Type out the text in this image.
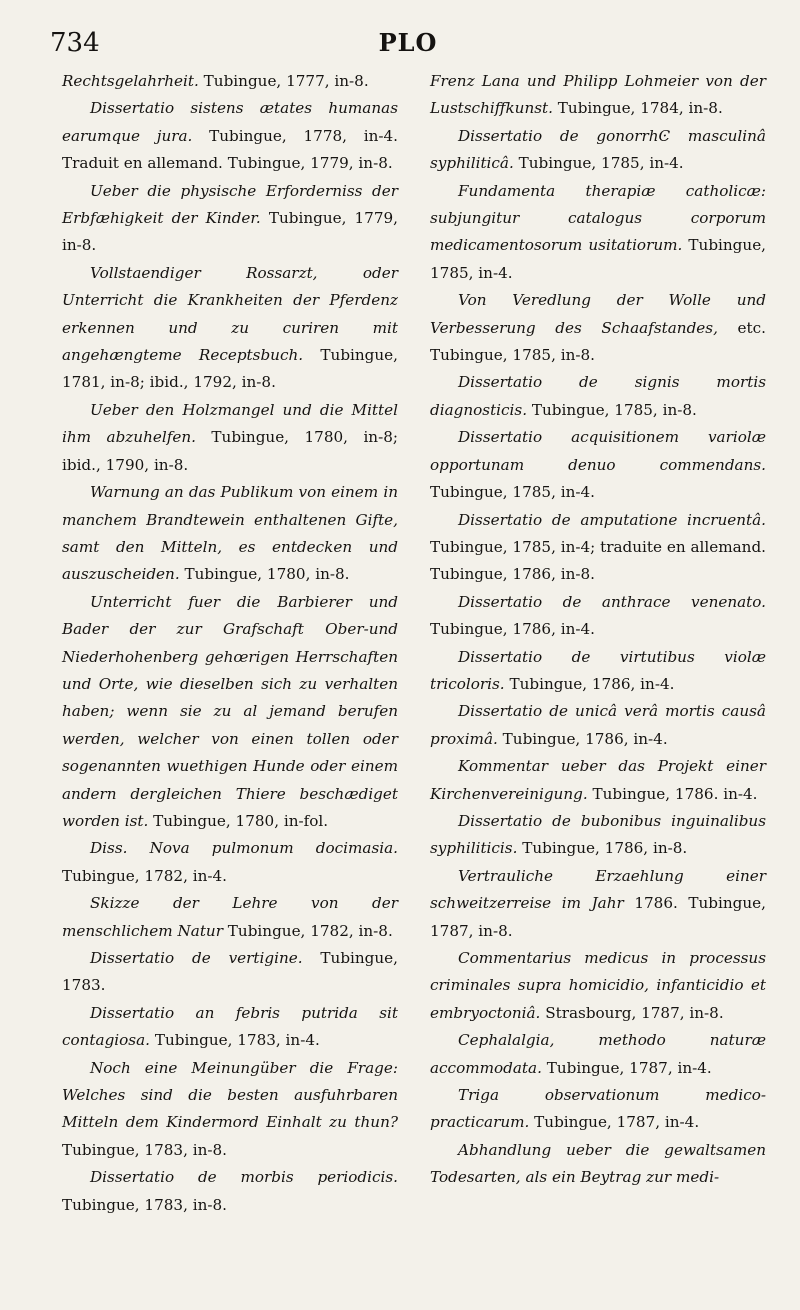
734	PLO

Rechtsgelahrheit. Tubingue, 1777, in-8.

Dissertatio sistens ætates humanas earumque jura. Tubingue, 1778, in-4. Traduit en allemand. Tubingue, 1779, in-8.

Ueber die physische Erforderniss der Erbfæhigkeit der Kinder. Tubingue, 1779, in-8.

Vollstaendiger Rossarzt, oder Unterricht die Krankheiten der Pferdenz erkennen und zu curiren mit angehængteme Receptsbuch. Tubingue, 1781, in-8; ibid., 1792, in-8.

Ueber den Holzmangel und die Mittel ihm abzuhelfen. Tubingue, 1780, in-8; ibid., 1790, in-8.

Warnung an das Publikum von einem in manchem Brandtewein enthaltenen Gifte, samt den Mitteln, es entdecken und auszuscheiden. Tubingue, 1780, in-8.

Unterricht fuer die Barbierer und Bader der zur Grafschaft Ober-und Niederhohenberg gehœrigen Herrschaften und Orte, wie dieselben sich zu verhalten haben; wenn sie zu al jemand berufen werden, welcher von einen tollen oder sogenannten wuethigen Hunde oder einem andern dergleichen Thiere beschædiget worden ist. Tubingue, 1780, in-fol.

Diss. Nova pulmonum docimasia. Tubingue, 1782, in-4.

Skizze der Lehre von der menschlichem Natur Tubingue, 1782, in-8.

Dissertatio de vertigine. Tubingue, 1783.

Dissertatio an febris putrida sit contagiosa. Tubingue, 1783, in-4.

Noch eine Meinungüber die Frage: Welches sind die besten ausfuhrbaren Mitteln dem Kindermord Einhalt zu thun? Tubingue, 1783, in-8.

Dissertatio de morbis periodicis. Tubingue, 1783, in-8.

Frenz Lana und Philipp Lohmeier von der Lustschiffkunst. Tubingue, 1784, in-8.

Dissertatio de gonorrhϾ masculinâ syphiliticâ. Tubingue, 1785, in-4.

Fundamenta therapiæ catholicæ: subjungitur catalogus corporum medicamentosorum usitatiorum. Tubingue, 1785, in-4.

Von Veredlung der Wolle und Verbesserung des Schaafstandes, etc. Tubingue, 1785, in-8.

Dissertatio de signis mortis diagnosticis. Tubingue, 1785, in-8.

Dissertatio acquisitionem variolæ opportunam denuo commendans. Tubingue, 1785, in-4.

Dissertatio de amputatione incruentâ. Tubingue, 1785, in-4; traduite en allemand. Tubingue, 1786, in-8.

Dissertatio de anthrace venenato. Tubingue, 1786, in-4.

Dissertatio de virtutibus violæ tricoloris. Tubingue, 1786, in-4.

Dissertatio de unicâ verâ mortis causâ proximâ. Tubingue, 1786, in-4.

Kommentar ueber das Projekt einer Kirchenvereinigung. Tubingue, 1786. in-4.

Dissertatio de bubonibus inguinalibus syphiliticis. Tubingue, 1786, in-8.

Vertrauliche Erzaehlung einer schweitzerreise im Jahr 1786. Tubingue, 1787, in-8.

Commentarius medicus in processus criminales supra homicidio, infanticidio et embryoctoniâ. Strasbourg, 1787, in-8.

Cephalalgia, methodo naturæ accommodata. Tubingue, 1787, in-4.

Triga observationum medico-practicarum. Tubingue, 1787, in-4.

Abhandlung ueber die gewaltsamen Todesarten, als ein Beytrag zur medi-
